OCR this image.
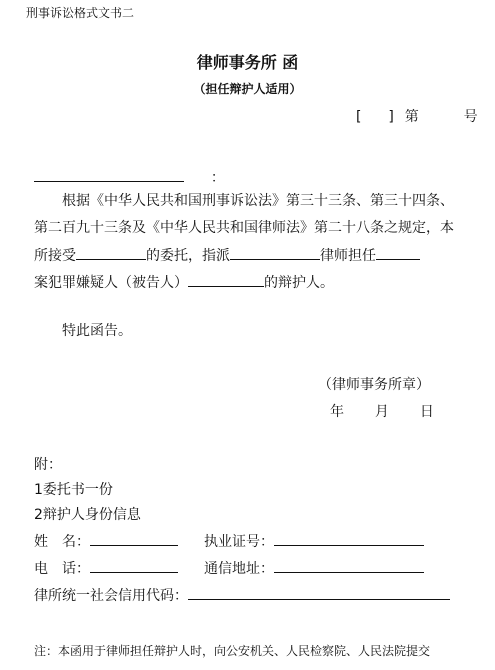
刑事诉讼格式文书二
律师事务所 函
（担任辩护人适用）
[ ] 第	号
：
根据《中华人民共和国刑事诉讼法》第三十三条、第三十四条、
第二百九十三条及《中华人民共和国律师法》第二十八条之规定，本
所接受	的委托，指派	律师担任
案犯罪嫌疑人（被告人）	的辩护人。
特此函告。
（律师事务所章）
年 月 日
附：
1委托书一份
2辩护人身份信息
姓　名：	执业证号：
电　话：	通信地址：
律所统一社会信用代码：
注：本函用于律师担任辩护人时，向公安机关、人民检察院、人民法院提交
